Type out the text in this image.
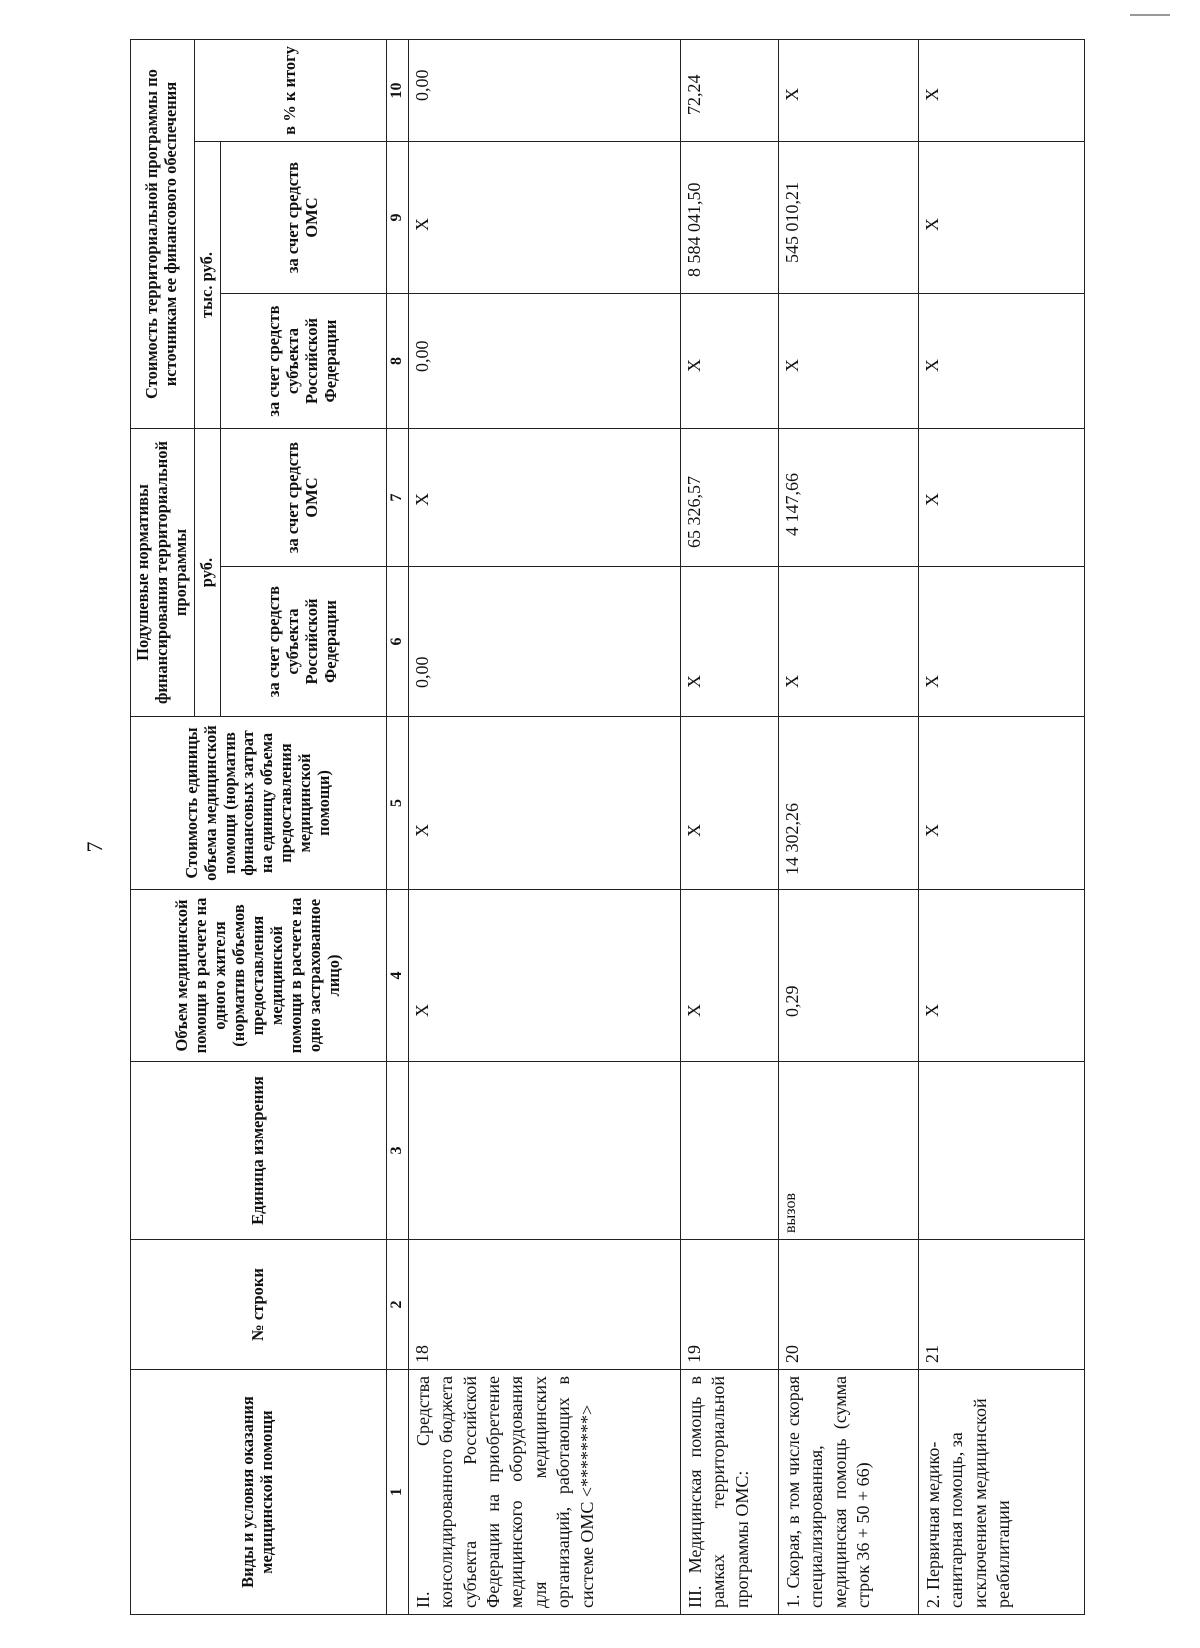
7
Виды и условия оказания медицинской помощи	№ строки	Единица измерения	Объем медицинской помощи в расчете на одного жителя (норматив объемов предоставления медицинской помощи в расчете на одно застрахованное лицо)	Стоимость единицы объема медицинской помощи (норматив финансовых затрат на единицу объема предоставления медицинской помощи)	Подушевые нормативы финансирования территориальной программы		Стоимость территориальной программы по источникам ее финансового обеспечения		
					руб.		тыс. руб.		в % к итогу
					за счет средств субъекта Российской Федерации	за счет средств ОМС	за счет средств субъекта Российской Федерации	за счет средств ОМС	
1	2	3	4	5	6	7	8	9	10
II. Средства консолидированного бюджета субъекта Российской Федерации на приобретение медицинского оборудования для медицинских организаций, работающих в системе ОМС <********>	18		X	X	0,00	X	0,00	X	0,00
III. Медицинская помощь в рамках территориальной программы ОМС:	19		X	X	X	65 326,57	X	8 584 041,50	72,24
1. Скорая, в том числе скорая специализированная, медицинская помощь (сумма строк 36 + 50 + 66)	20	вызов	0,29	14 302,26	X	4 147,66	X	545 010,21	X
2. Первичная медико-санитарная помощь, за исключением медицинской реабилитации	21		X	X	X	X	X	X	X
